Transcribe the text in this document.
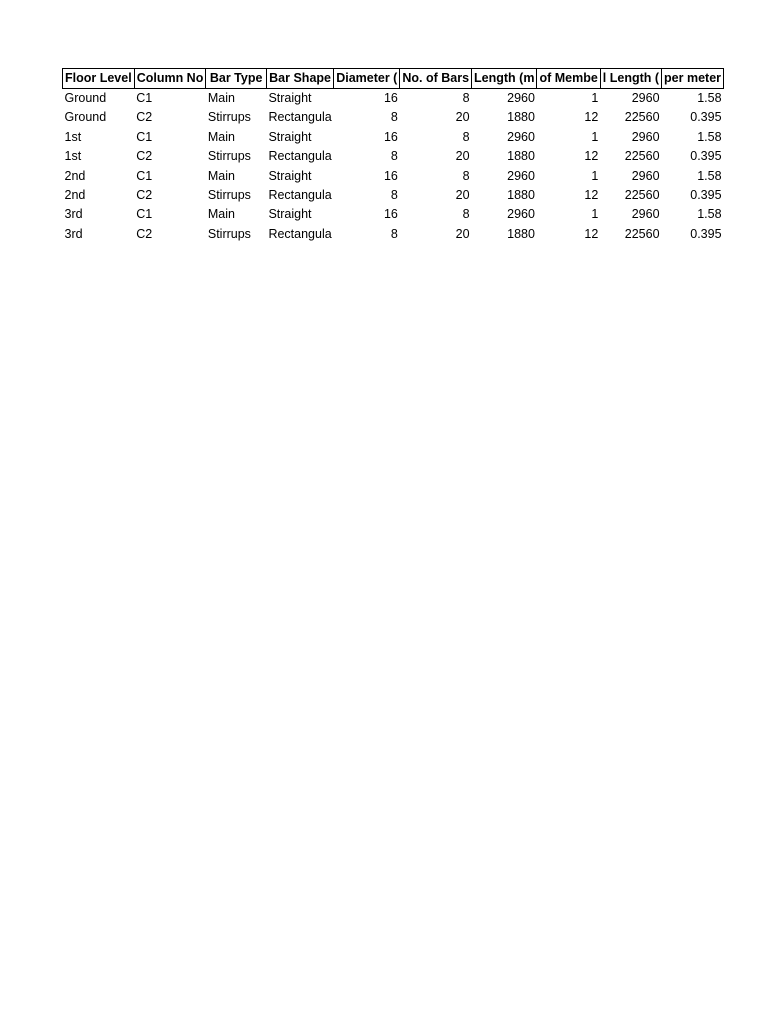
Floor Level	Column No	Bar Type	Bar Shape	Diameter (	No. of Bars	Length (m	of Membe	l Length (	per meter
Ground	C1	Main	Straight	16	8	2960	1	2960	1.58
Ground	C2	Stirrups	Rectangula	8	20	1880	12	22560	0.395
1st	C1	Main	Straight	16	8	2960	1	2960	1.58
1st	C2	Stirrups	Rectangula	8	20	1880	12	22560	0.395
2nd	C1	Main	Straight	16	8	2960	1	2960	1.58
2nd	C2	Stirrups	Rectangula	8	20	1880	12	22560	0.395
3rd	C1	Main	Straight	16	8	2960	1	2960	1.58
3rd	C2	Stirrups	Rectangula	8	20	1880	12	22560	0.395
